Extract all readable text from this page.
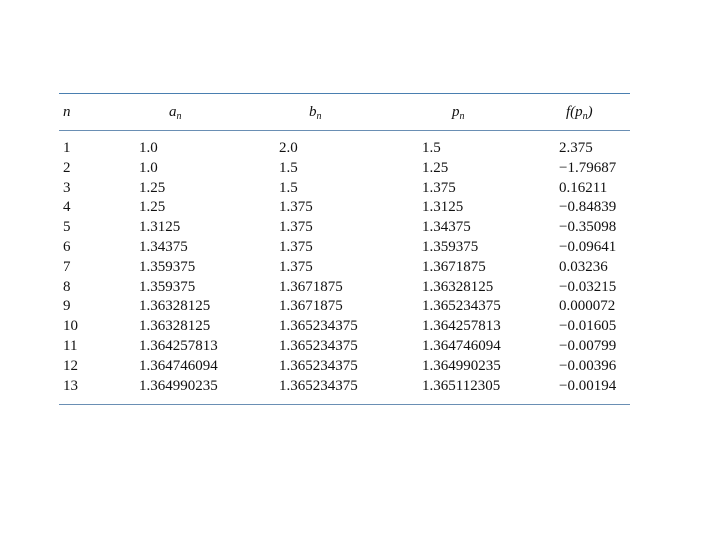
n	$a_n$	$b_n$	$p_n$	$f(p_n)$
1	1.0	2.0	1.5	2.375
2	1.0	1.5	1.25	−1.79687
3	1.25	1.5	1.375	0.16211
4	1.25	1.375	1.3125	−0.84839
5	1.3125	1.375	1.34375	−0.35098
6	1.34375	1.375	1.359375	−0.09641
7	1.359375	1.375	1.3671875	0.03236
8	1.359375	1.3671875	1.36328125	−0.03215
9	1.36328125	1.3671875	1.365234375	0.000072
10	1.36328125	1.365234375	1.364257813	−0.01605
11	1.364257813	1.365234375	1.364746094	−0.00799
12	1.364746094	1.365234375	1.364990235	−0.00396
13	1.364990235	1.365234375	1.365112305	−0.00194
